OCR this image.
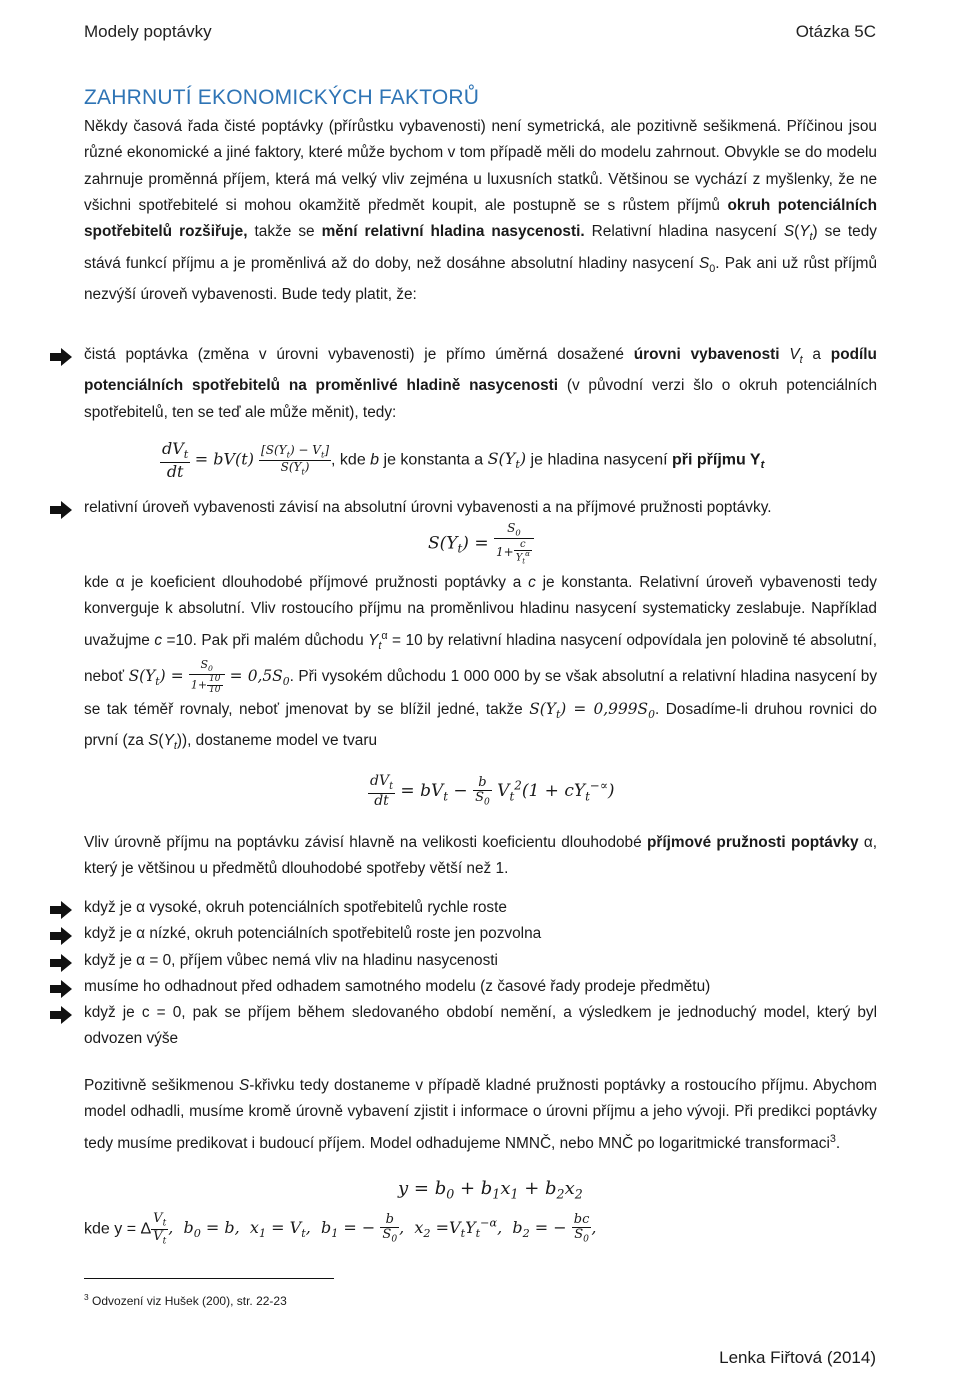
Modely poptávky	Otázka 5C
ZAHRNUTÍ EKONOMICKÝCH FAKTORŮ

Někdy časová řada čisté poptávky (přírůstku vybavenosti) není symetrická, ale pozitivně sešikmená. Příčinou jsou různé ekonomické a jiné faktory, které může bychom v tom případě měli do modelu zahrnout. Obvykle se do modelu zahrnuje proměnná příjem, která má velký vliv zejména u luxusních statků. Většinou se vychází z myšlenky, že ne všichni spotřebitelé si mohou okamžitě předmět koupit, ale postupně se s růstem příjmů okruh potenciálních spotřebitelů rozšiřuje, takže se mění relativní hladina nasycenosti. Relativní hladina nasycení $S(Y_t)$ se tedy stává funkcí příjmu a je proměnlivá až do doby, než dosáhne absolutní hladiny nasycení $S_0$. Pak ani už růst příjmů nezvýší úroveň vybavenosti. Bude tedy platit, že:

čistá poptávka (změna v úrovni vybavenosti) je přímo úměrná dosažené úrovni vybavenosti $V_t$ a podílu potenciálních spotřebitelů na proměnlivé hladině nasycenosti (v původní verzi šlo o okruh potenciálních spotřebitelů, ten se teď ale může měnit), tedy:
$\frac{dV_t}{dt} = bV(t) \frac{[S(Y_t) - V_t]}{S(Y_t)}$ , kde b je konstanta a $S(Y_t)$ je hladina nasycení při příjmu $Y_t$
relativní úroveň vybavenosti závisí na absolutní úrovni vybavenosti a na příjmové pružnosti poptávky.
$S(Y_t) = \frac{S_0}{1+ \frac{c}{Y_t^\alpha}}$

kde α je koeficient dlouhodobé příjmové pružnosti poptávky a c je konstanta. Relativní úroveň vybavenosti tedy konverguje k absolutní. Vliv rostoucího příjmu na proměnlivou hladinu nasycení systematicky zeslabuje. Například uvažujme c =10. Pak při malém důchodu $Y_t^\alpha = 10$ by relativní hladina nasycení odpovídala jen polovině té absolutní, neboť $S(Y_t) = \frac{S_0}{1+ \frac{10}{10}} = 0,5S_0$. Při vysokém důchodu 1 000 000 by se však absolutní a relativní hladina nasycení by se tak téměř rovnaly, neboť jmenovat by se blížil jedné, takže $S(Y_t) = 0,999S_0$. Dosadíme-li druhou rovnici do první (za $S(Y_t)$), dostaneme model ve tvaru

$\frac{dV_t}{dt} = bV_t - \frac{b}{S_0} V_t^2(1 + cY_t^{-\propto})$

Vliv úrovně příjmu na poptávku závisí hlavně na velikosti koeficientu dlouhodobé příjmové pružnosti poptávky α, který je většinou u předmětů dlouhodobé spotřeby větší než 1.

když je α vysoké, okruh potenciálních spotřebitelů rychle roste
když je α nízké, okruh potenciálních spotřebitelů roste jen pozvolna
když je α = 0, příjem vůbec nemá vliv na hladinu nasycenosti
musíme ho odhadnout před odhadem samotného modelu (z časové řady prodeje předmětu)
když je c = 0, pak se příjem během sledovaného období nemění, a výsledkem je jednoduchý model, který byl odvozen výše

Pozitivně sešikmenou S-křivku tedy dostaneme v případě kladné pružnosti poptávky a rostoucího příjmu. Abychom model odhadli, musíme kromě úrovně vybavení zjistit i informace o úrovni příjmu a jeho vývoji. Při predikci poptávky tedy musíme predikovat i budoucí příjem. Model odhadujeme NMNČ, nebo MNČ po logaritmické transformaci$^3$.

$y = b_0 + b_1x_1 + b_2x_2$
kde y = Δ $\frac{V_t}{V_t}$ ,  $b_0 = b$,  $x_1 = V_t$,  $b_1$ = − $\frac{b}{S_0}$ ,  $x_2 =V_tY_t^{-\alpha}$,  $b_2$ = − $\frac{bc}{S_0}$ ,
$^3$ Odvození viz Hušek (200), str. 22-23
Lenka Fiřtová (2014)
